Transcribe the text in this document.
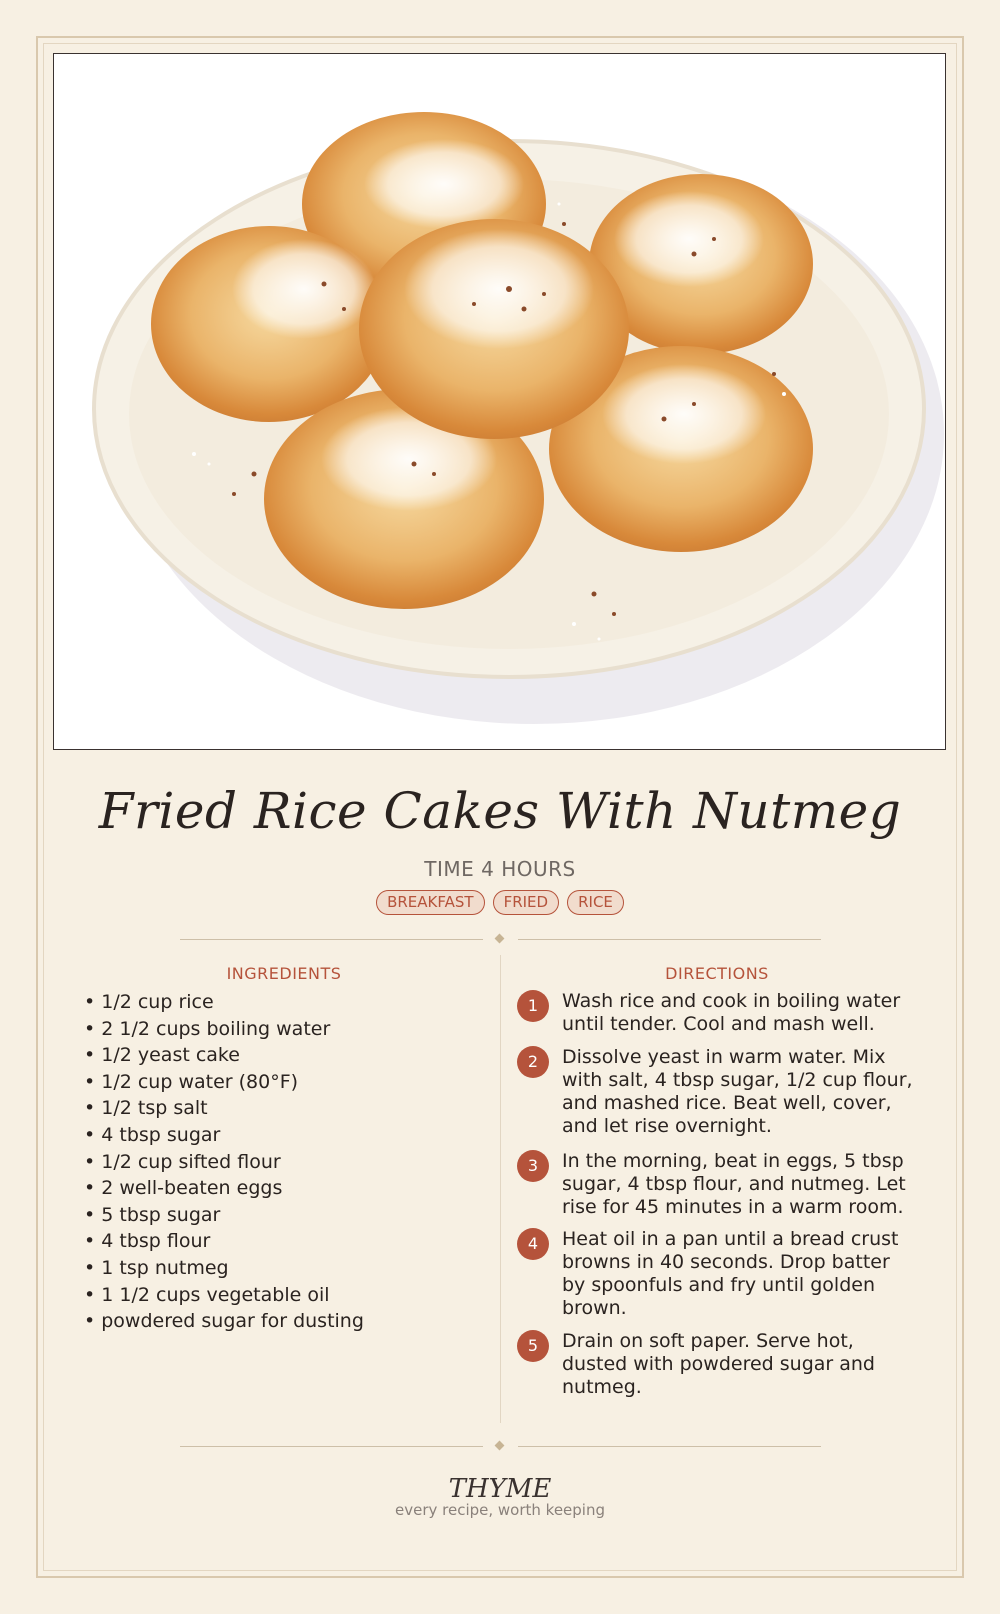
Fried Rice Cakes With Nutmeg
TIME 4 HOURS
BREAKFAST	FRIED	RICE
INGREDIENTS
• 1/2 cup rice
• 2 1/2 cups boiling water
• 1/2 yeast cake
• 1/2 cup water (80°F)
• 1/2 tsp salt
• 4 tbsp sugar
• 1/2 cup sifted flour
• 2 well-beaten eggs
• 5 tbsp sugar
• 4 tbsp flour
• 1 tsp nutmeg
• 1 1/2 cups vegetable oil
• powdered sugar for dusting
DIRECTIONS
1	Wash rice and cook in boiling water until tender. Cool and mash well.
2	Dissolve yeast in warm water. Mix with salt, 4 tbsp sugar, 1/2 cup flour, and mashed rice. Beat well, cover, and let rise overnight.
3	In the morning, beat in eggs, 5 tbsp sugar, 4 tbsp flour, and nutmeg. Let rise for 45 minutes in a warm room.
4	Heat oil in a pan until a bread crust browns in 40 seconds. Drop batter by spoonfuls and fry until golden brown.
5	Drain on soft paper. Serve hot, dusted with powdered sugar and nutmeg.
THYME
every recipe, worth keeping
